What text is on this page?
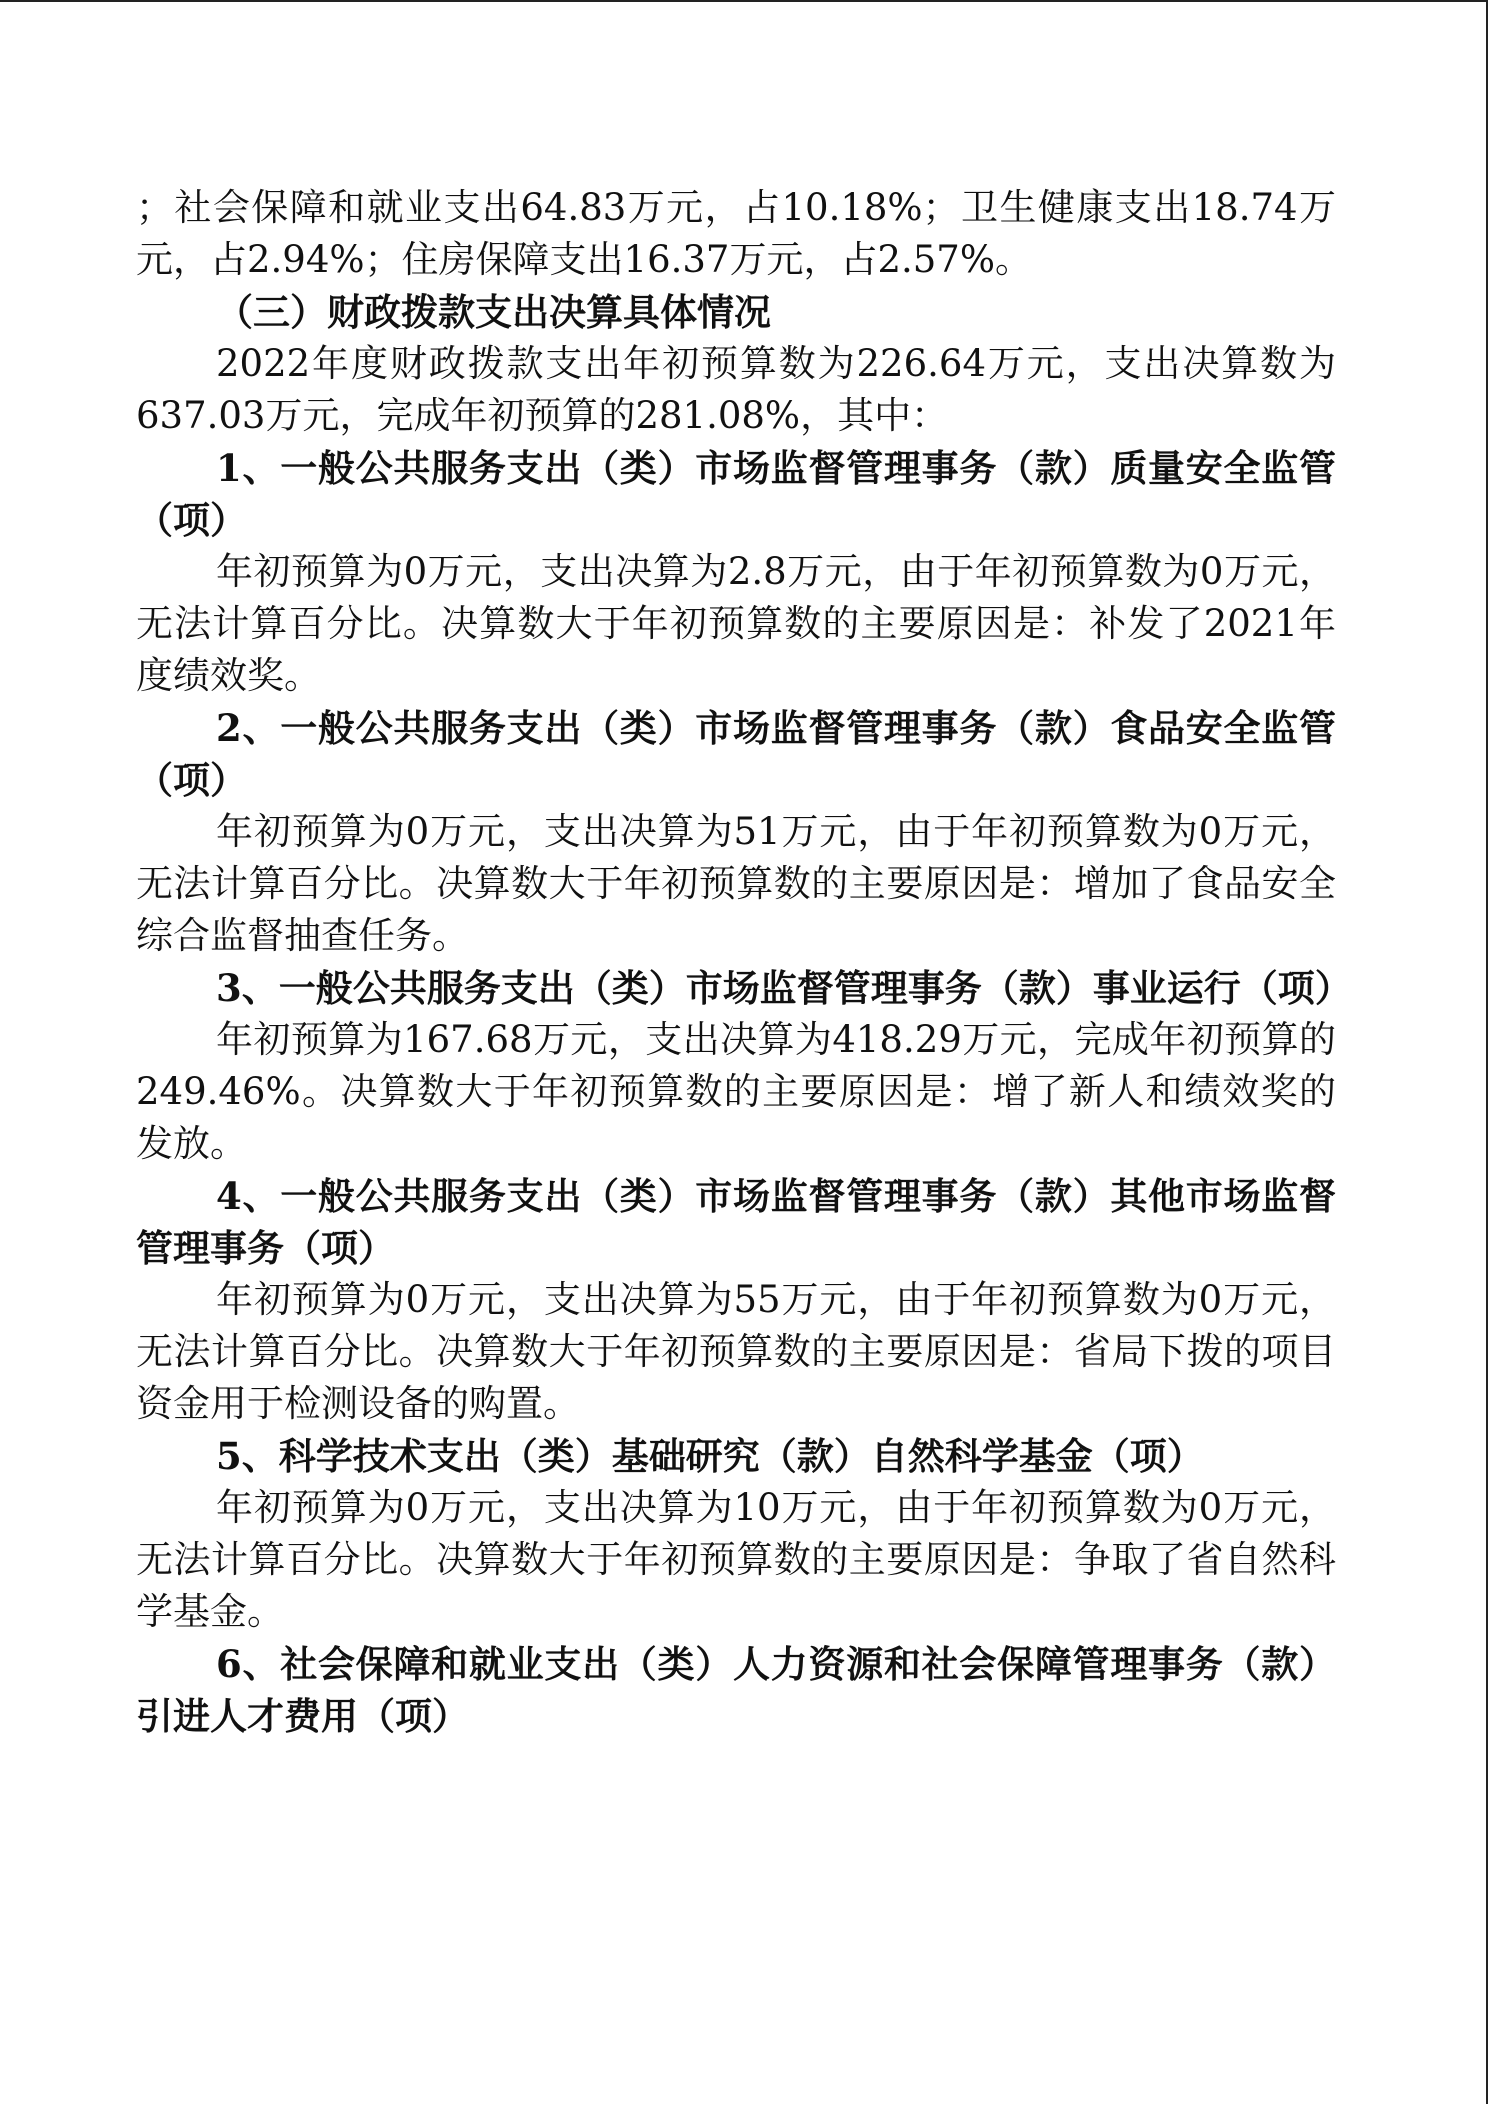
；社会保障和就业支出64.83万元，占10.18%；卫生健康支出18.74万元，占2.94%；住房保障支出16.37万元，占2.57%。

（三）财政拨款支出决算具体情况

2022年度财政拨款支出年初预算数为226.64万元，支出决算数为637.03万元，完成年初预算的281.08%，其中：

1、一般公共服务支出（类）市场监督管理事务（款）质量安全监管（项）

年初预算为0万元，支出决算为2.8万元，由于年初预算数为0万元，无法计算百分比。决算数大于年初预算数的主要原因是：补发了2021年度绩效奖。

2、一般公共服务支出（类）市场监督管理事务（款）食品安全监管（项）

年初预算为0万元，支出决算为51万元，由于年初预算数为0万元，无法计算百分比。决算数大于年初预算数的主要原因是：增加了食品安全综合监督抽查任务。

3、一般公共服务支出（类）市场监督管理事务（款）事业运行（项）

年初预算为167.68万元，支出决算为418.29万元，完成年初预算的249.46%。决算数大于年初预算数的主要原因是：增了新人和绩效奖的发放。

4、一般公共服务支出（类）市场监督管理事务（款）其他市场监督管理事务（项）

年初预算为0万元，支出决算为55万元，由于年初预算数为0万元，无法计算百分比。决算数大于年初预算数的主要原因是：省局下拨的项目资金用于检测设备的购置。

5、科学技术支出（类）基础研究（款）自然科学基金（项）

年初预算为0万元，支出决算为10万元，由于年初预算数为0万元，无法计算百分比。决算数大于年初预算数的主要原因是：争取了省自然科学基金。

6、社会保障和就业支出（类）人力资源和社会保障管理事务（款）引进人才费用（项）
